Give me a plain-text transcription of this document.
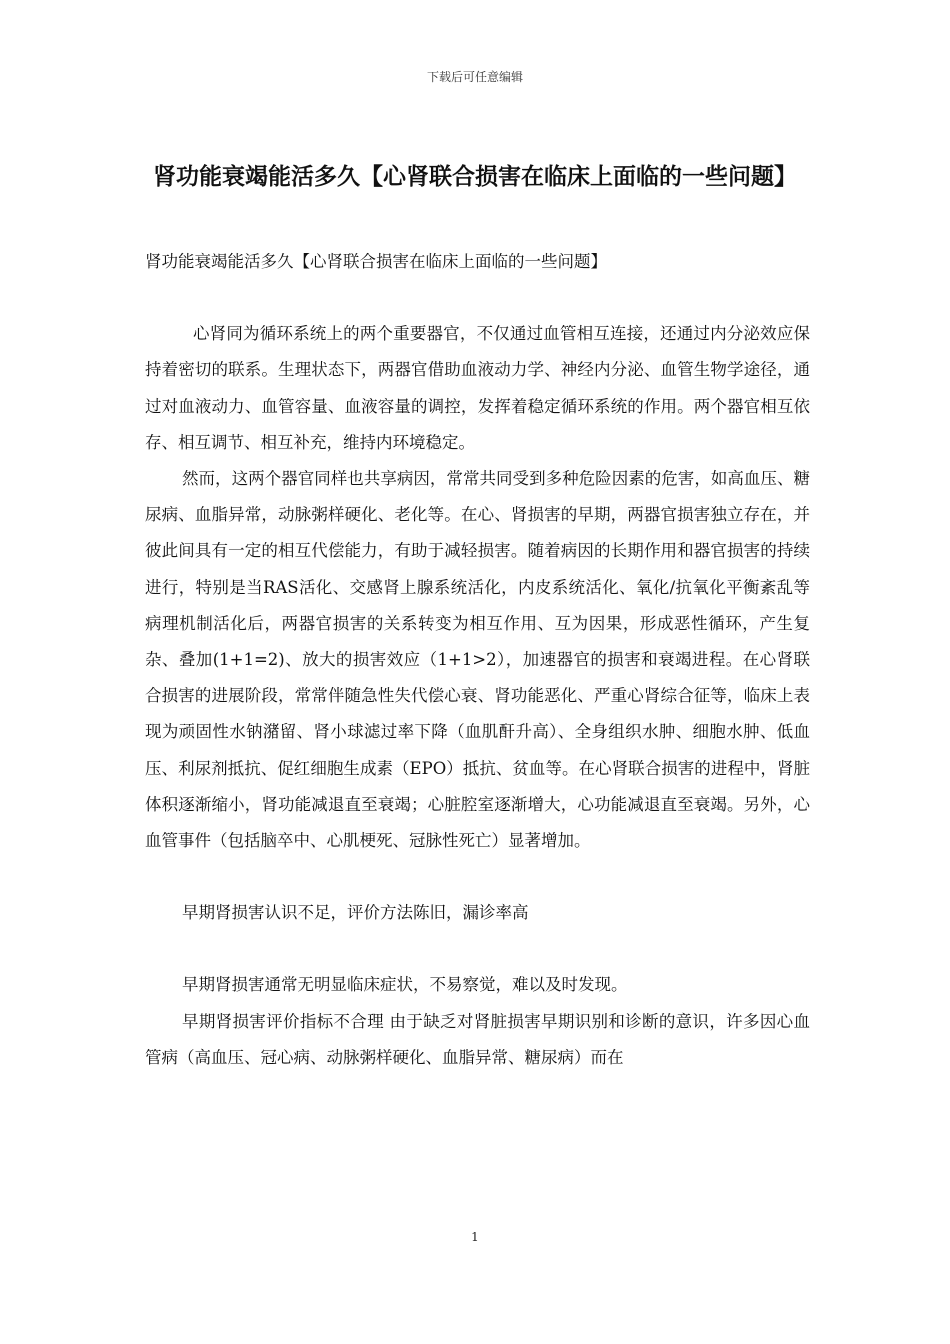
下载后可任意编辑
肾功能衰竭能活多久【心肾联合损害在临床上面临的一些问题】

肾功能衰竭能活多久【心肾联合损害在临床上面临的一些问题】

心肾同为循环系统上的两个重要器官，不仅通过血管相互连接，还通过内分泌效应保持着密切的联系。生理状态下，两器官借助血液动力学、神经内分泌、血管生物学途径，通过对血液动力、血管容量、血液容量的调控，发挥着稳定循环系统的作用。两个器官相互依存、相互调节、相互补充，维持内环境稳定。

然而，这两个器官同样也共享病因，常常共同受到多种危险因素的危害，如高血压、糖尿病、血脂异常，动脉粥样硬化、老化等。在心、肾损害的早期，两器官损害独立存在，并彼此间具有一定的相互代偿能力，有助于减轻损害。随着病因的长期作用和器官损害的持续进行，特别是当RAS活化、交感肾上腺系统活化，内皮系统活化、氧化/抗氧化平衡紊乱等病理机制活化后，两器官损害的关系转变为相互作用、互为因果，形成恶性循环，产生复杂、叠加(1+1=2)、放大的损害效应（1+1>2），加速器官的损害和衰竭进程。在心肾联合损害的进展阶段，常常伴随急性失代偿心衰、肾功能恶化、严重心肾综合征等，临床上表现为顽固性水钠潴留、肾小球滤过率下降（血肌酐升高）、全身组织水肿、细胞水肿、低血压、利尿剂抵抗、促红细胞生成素（EPO）抵抗、贫血等。在心肾联合损害的进程中，肾脏体积逐渐缩小，肾功能减退直至衰竭；心脏腔室逐渐增大，心功能减退直至衰竭。另外，心血管事件（包括脑卒中、心肌梗死、冠脉性死亡）显著增加。

早期肾损害认识不足，评价方法陈旧，漏诊率高

早期肾损害通常无明显临床症状，不易察觉，难以及时发现。

早期肾损害评价指标不合理 由于缺乏对肾脏损害早期识别和诊断的意识，许多因心血管病（高血压、冠心病、动脉粥样硬化、血脂异常、糖尿病）而在

1
